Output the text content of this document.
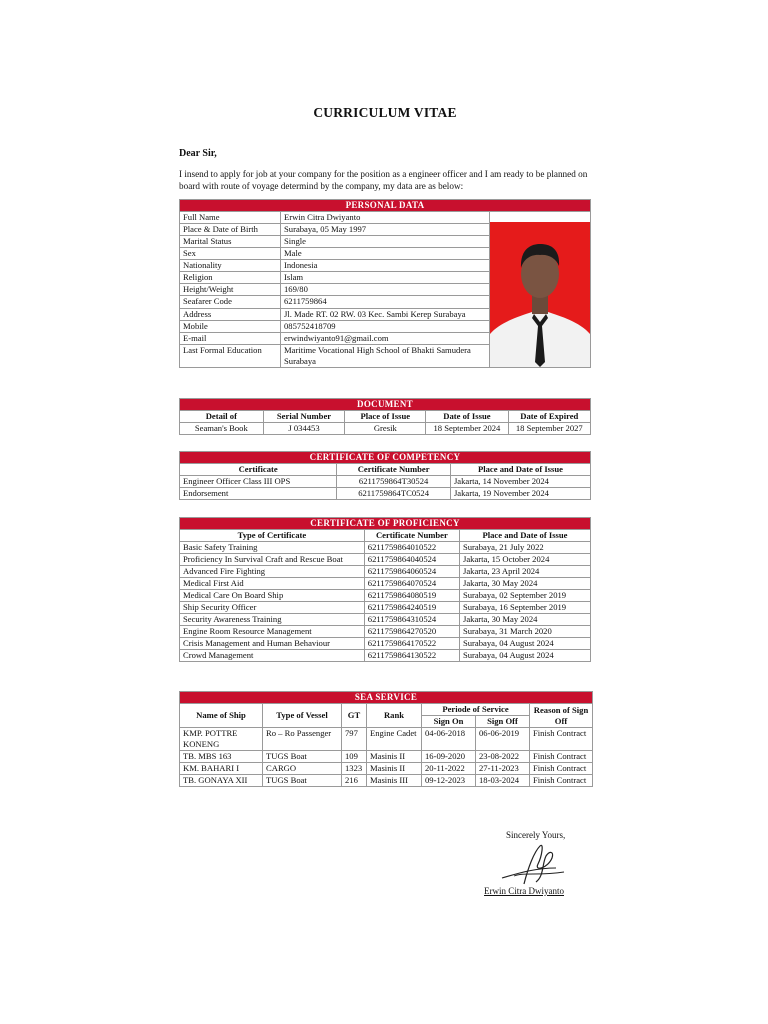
CURRICULUM VITAE
Dear Sir,
I insend to apply for job at your company for the position as a engineer officer and I am ready to be planned on board with route of voyage determind by the company, my data are as below:
PERSONAL DATA		
Full Name	Erwin Citra Dwiyanto	

Place & Date of Birth	Surabaya, 05 May 1997	
Marital Status	Single	
Sex	Male	
Nationality	Indonesia	
Religion	Islam	
Height/Weight	169/80	
Seafarer Code	6211759864	
Address	Jl. Made RT. 02 RW. 03 Kec. Sambi Kerep Surabaya	
Mobile	085752418709	
E-mail	erwindwiyanto91@gmail.com	
Last Formal Education	Maritime Vocational High School of Bhakti Samudera Surabaya	
DOCUMENT				
Detail of	Serial Number	Place of Issue	Date of Issue	Date of Expired
Seaman's Book	J 034453	Gresik	18 September 2024	18 September 2027
CERTIFICATE OF COMPETENCY		
Certificate	Certificate Number	Place and Date of Issue
Engineer Officer Class III OPS	6211759864T30524	Jakarta, 14 November 2024
Endorsement	6211759864TC0524	Jakarta, 19 November 2024
CERTIFICATE OF PROFICIENCY		
Type of Certificate	Certificate Number	Place and Date of Issue
Basic Safety Training	6211759864010522	Surabaya, 21 July 2022
Proficiency In Survival Craft and Rescue Boat	6211759864040524	Jakarta, 15 October 2024
Advanced Fire Fighting	6211759864060524	Jakarta, 23 April 2024
Medical First Aid	6211759864070524	Jakarta, 30 May 2024
Medical Care On Board Ship	6211759864080519	Surabaya, 02 September 2019
Ship Security Officer	6211759864240519	Surabaya, 16 September 2019
Security Awareness Training	6211759864310524	Jakarta, 30 May 2024
Engine Room Resource Management	6211759864270520	Surabaya, 31 March 2020
Crisis Management and Human Behaviour	6211759864170522	Surabaya, 04 August 2024
Crowd Management	6211759864130522	Surabaya, 04 August 2024
SEA SERVICE						
Name of Ship	Type of Vessel	GT	Rank	Periode of Service		Reason of Sign Off
				Sign On	Sign Off	
KMP. POTTRE KONENG	Ro – Ro Passenger	797	Engine Cadet	04-06-2018	06-06-2019	Finish Contract
TB. MBS 163	TUGS Boat	109	Masinis II	16-09-2020	23-08-2022	Finish Contract
KM. BAHARI I	CARGO	1323	Masinis II	20-11-2022	27-11-2023	Finish Contract
TB. GONAYA XII	TUGS Boat	216	Masinis III	09-12-2023	18-03-2024	Finish Contract
Sincerely Yours,
Erwin Citra Dwiyanto
